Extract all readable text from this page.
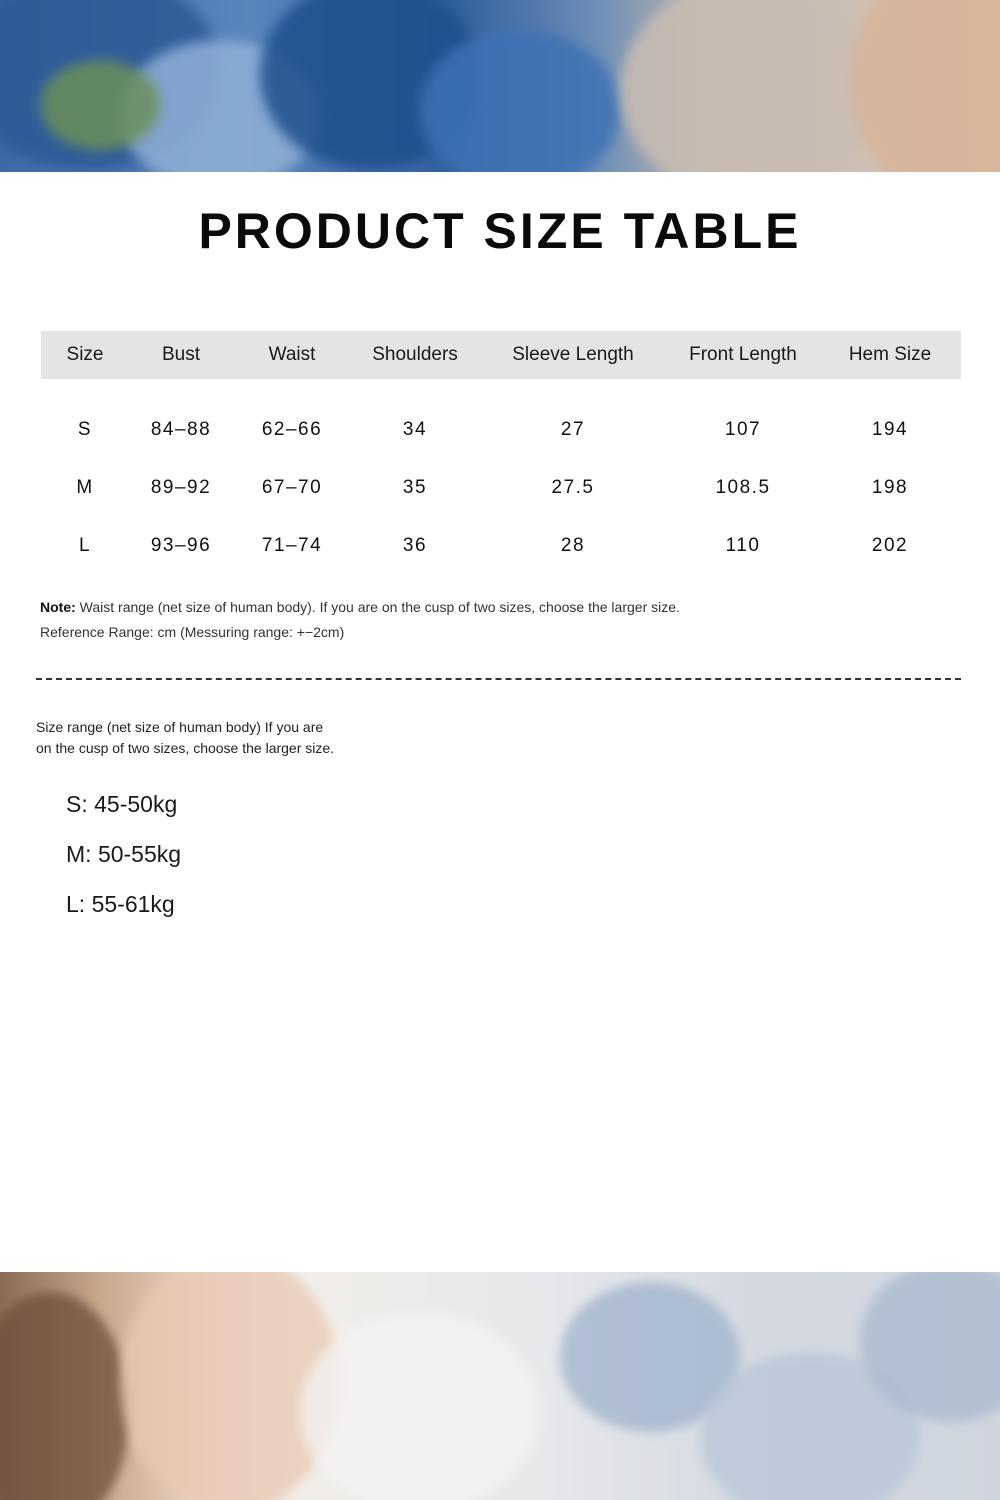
PRODUCT SIZE TABLE
Size	Bust	Waist	Shoulders	Sleeve Length	Front Length	Hem Size
S	84–88	62–66	34	27	107	194
M	89–92	67–70	35	27.5	108.5	198
L	93–96	71–74	36	28	110	202
Note: Waist range (net size of human body). If you are on the cusp of two sizes, choose the larger size.
Reference Range: cm (Messuring range: +−2cm)
Size range (net size of human body) If you are
on the cusp of two sizes, choose the larger size.
S: 45-50kg
M: 50-55kg
L: 55-61kg
